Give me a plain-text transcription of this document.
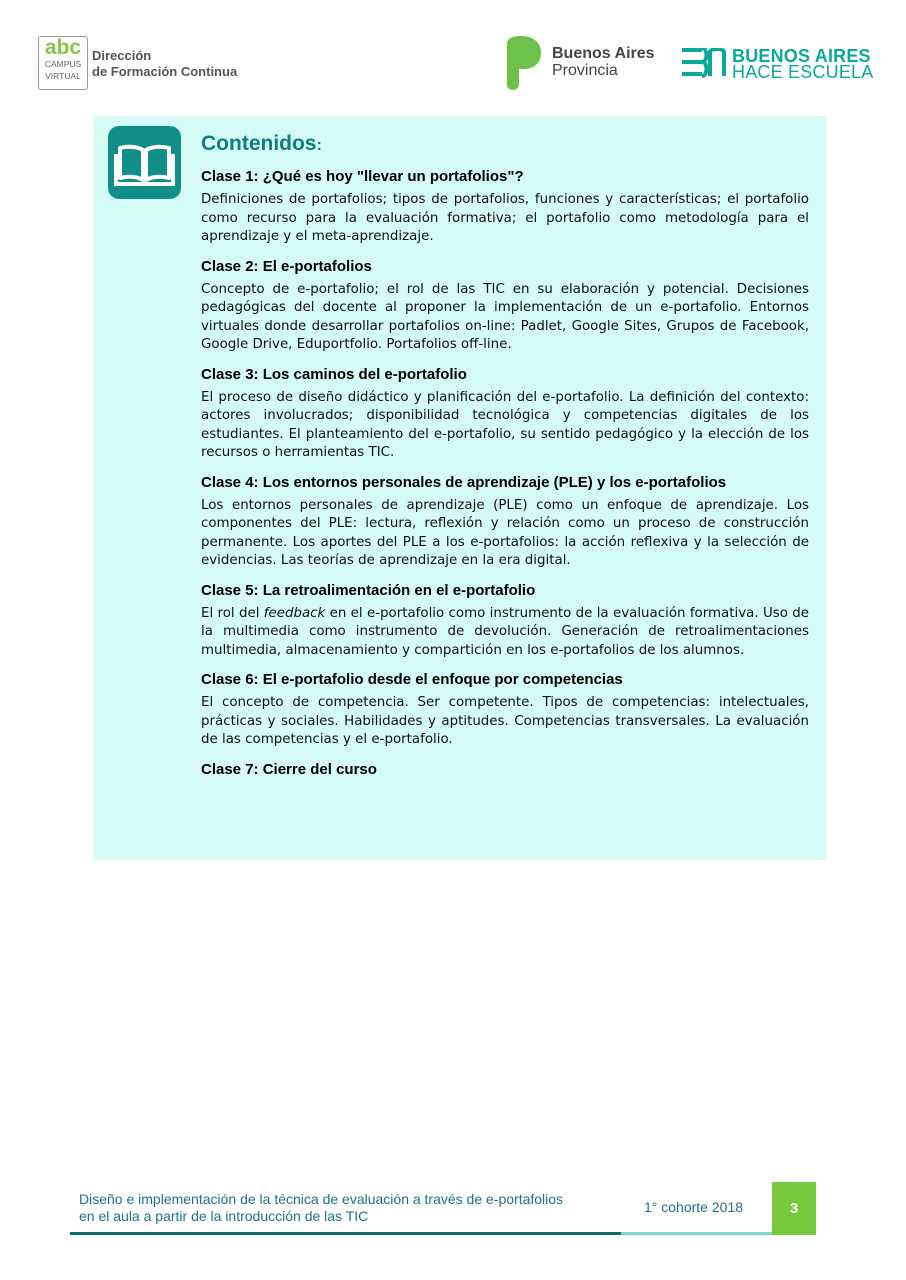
abc
CAMPUS
VIRTUAL
Dirección
de Formación Continua
Buenos Aires
Provincia
BUENOS AIRES
HACE ESCUELA
Contenidos:
Clase 1: ¿Qué es hoy "llevar un portafolios"?

Definiciones de portafolios; tipos de portafolios, funciones y características; el portafolio como recurso para la evaluación formativa; el portafolio como metodología para el aprendizaje y el meta-aprendizaje.

Clase 2: El e-portafolios

Concepto de e-portafolio; el rol de las TIC en su elaboración y potencial. Decisiones pedagógicas del docente al proponer la implementación de un e-portafolio. Entornos virtuales donde desarrollar portafolios on-line: Padlet, Google Sites, Grupos de Facebook, Google Drive, Eduportfolio. Portafolios off-line.

Clase 3: Los caminos del e-portafolio

El proceso de diseño didáctico y planificación del e-portafolio. La definición del contexto: actores involucrados; disponibilidad tecnológica y competencias digitales de los estudiantes. El planteamiento del e-portafolio, su sentido pedagógico y la elección de los recursos o herramientas TIC.

Clase 4: Los entornos personales de aprendizaje (PLE) y los e-portafolios

Los entornos personales de aprendizaje (PLE) como un enfoque de aprendizaje. Los componentes del PLE: lectura, reflexión y relación como un proceso de construcción permanente. Los aportes del PLE a los e-portafolios: la acción reflexiva y la selección de evidencias. Las teorías de aprendizaje en la era digital.

Clase 5: La retroalimentación en el e-portafolio

El rol del feedback en el e-portafolio como instrumento de la evaluación formativa. Uso de la multimedia como instrumento de devolución. Generación de retroalimentaciones multimedia, almacenamiento y compartición en los e-portafolios de los alumnos.

Clase 6: El e-portafolio desde el enfoque por competencias

El concepto de competencia. Ser competente. Tipos de competencias: intelectuales, prácticas y sociales. Habilidades y aptitudes. Competencias transversales. La evaluación de las competencias y el e-portafolio.

Clase 7: Cierre del curso
Diseño e implementación de la técnica de evaluación a través de e-portafolios
en el aula a partir de la introducción de las TIC
1° cohorte 2018	3
